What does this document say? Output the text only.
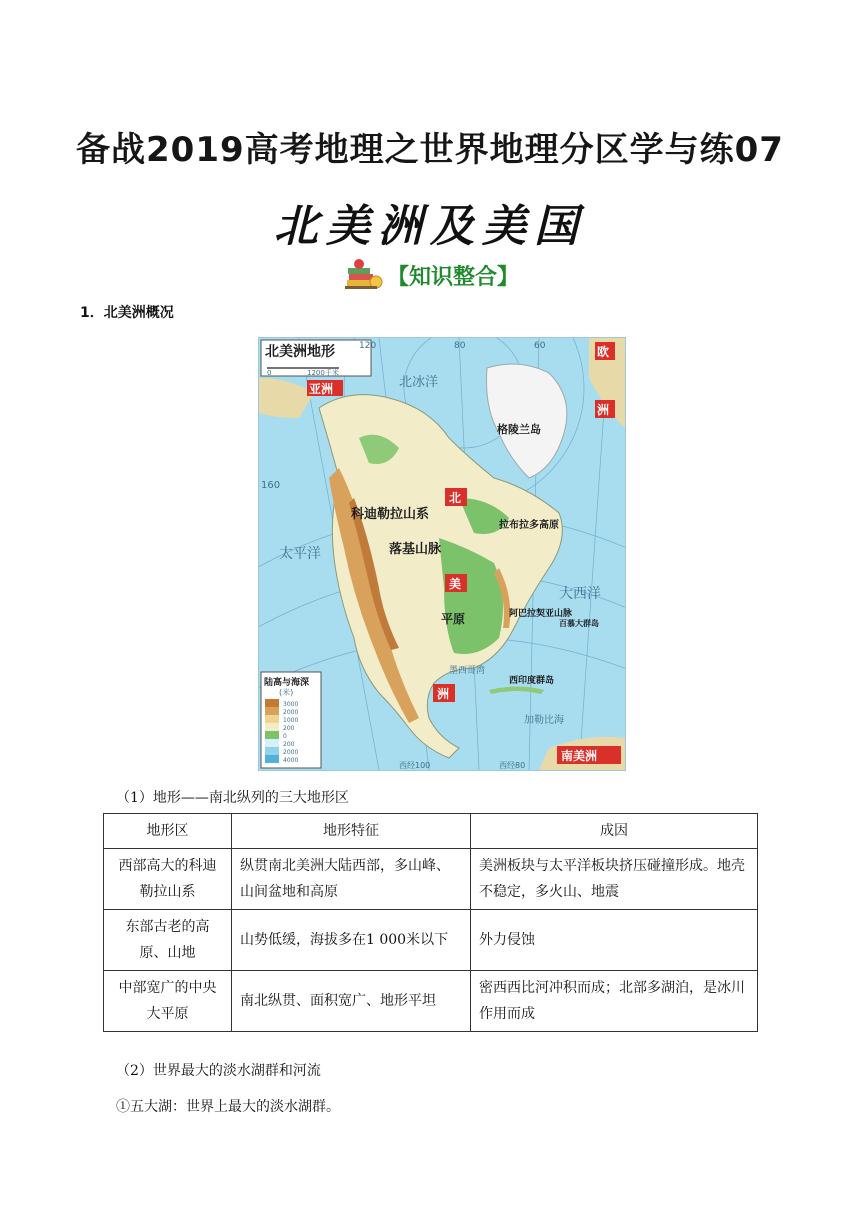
备战2019高考地理之世界地理分区学与练07
北美洲及美国
【知识整合】
1．北美洲概况
北美洲地形
0	1200千米
亚洲
欧
洲
北
美
洲
南美洲
格陵兰岛
北冰洋
太平洋
大西洋
科迪勒拉山系
落基山脉
平原
拉布拉多高原
阿巴拉契亚山脉
墨西哥湾
西印度群岛
加勒比海
百慕大群岛
160
120	80	60
西经100	西经80
陆高与海深
(米)
3000
2000
1000
200
0
200
2000
4000
（1）地形——南北纵列的三大地形区
地形区	地形特征	成因
西部高大的科迪勒拉山系	纵贯南北美洲大陆西部，多山峰、山间盆地和高原	美洲板块与太平洋板块挤压碰撞形成。地壳不稳定，多火山、地震
东部古老的高原、山地	山势低缓，海拔多在1 000米以下	外力侵蚀
中部宽广的中央大平原	南北纵贯、面积宽广、地形平坦	密西西比河冲积而成；北部多湖泊，是冰川作用而成
（2）世界最大的淡水湖群和河流
①五大湖：世界上最大的淡水湖群。
